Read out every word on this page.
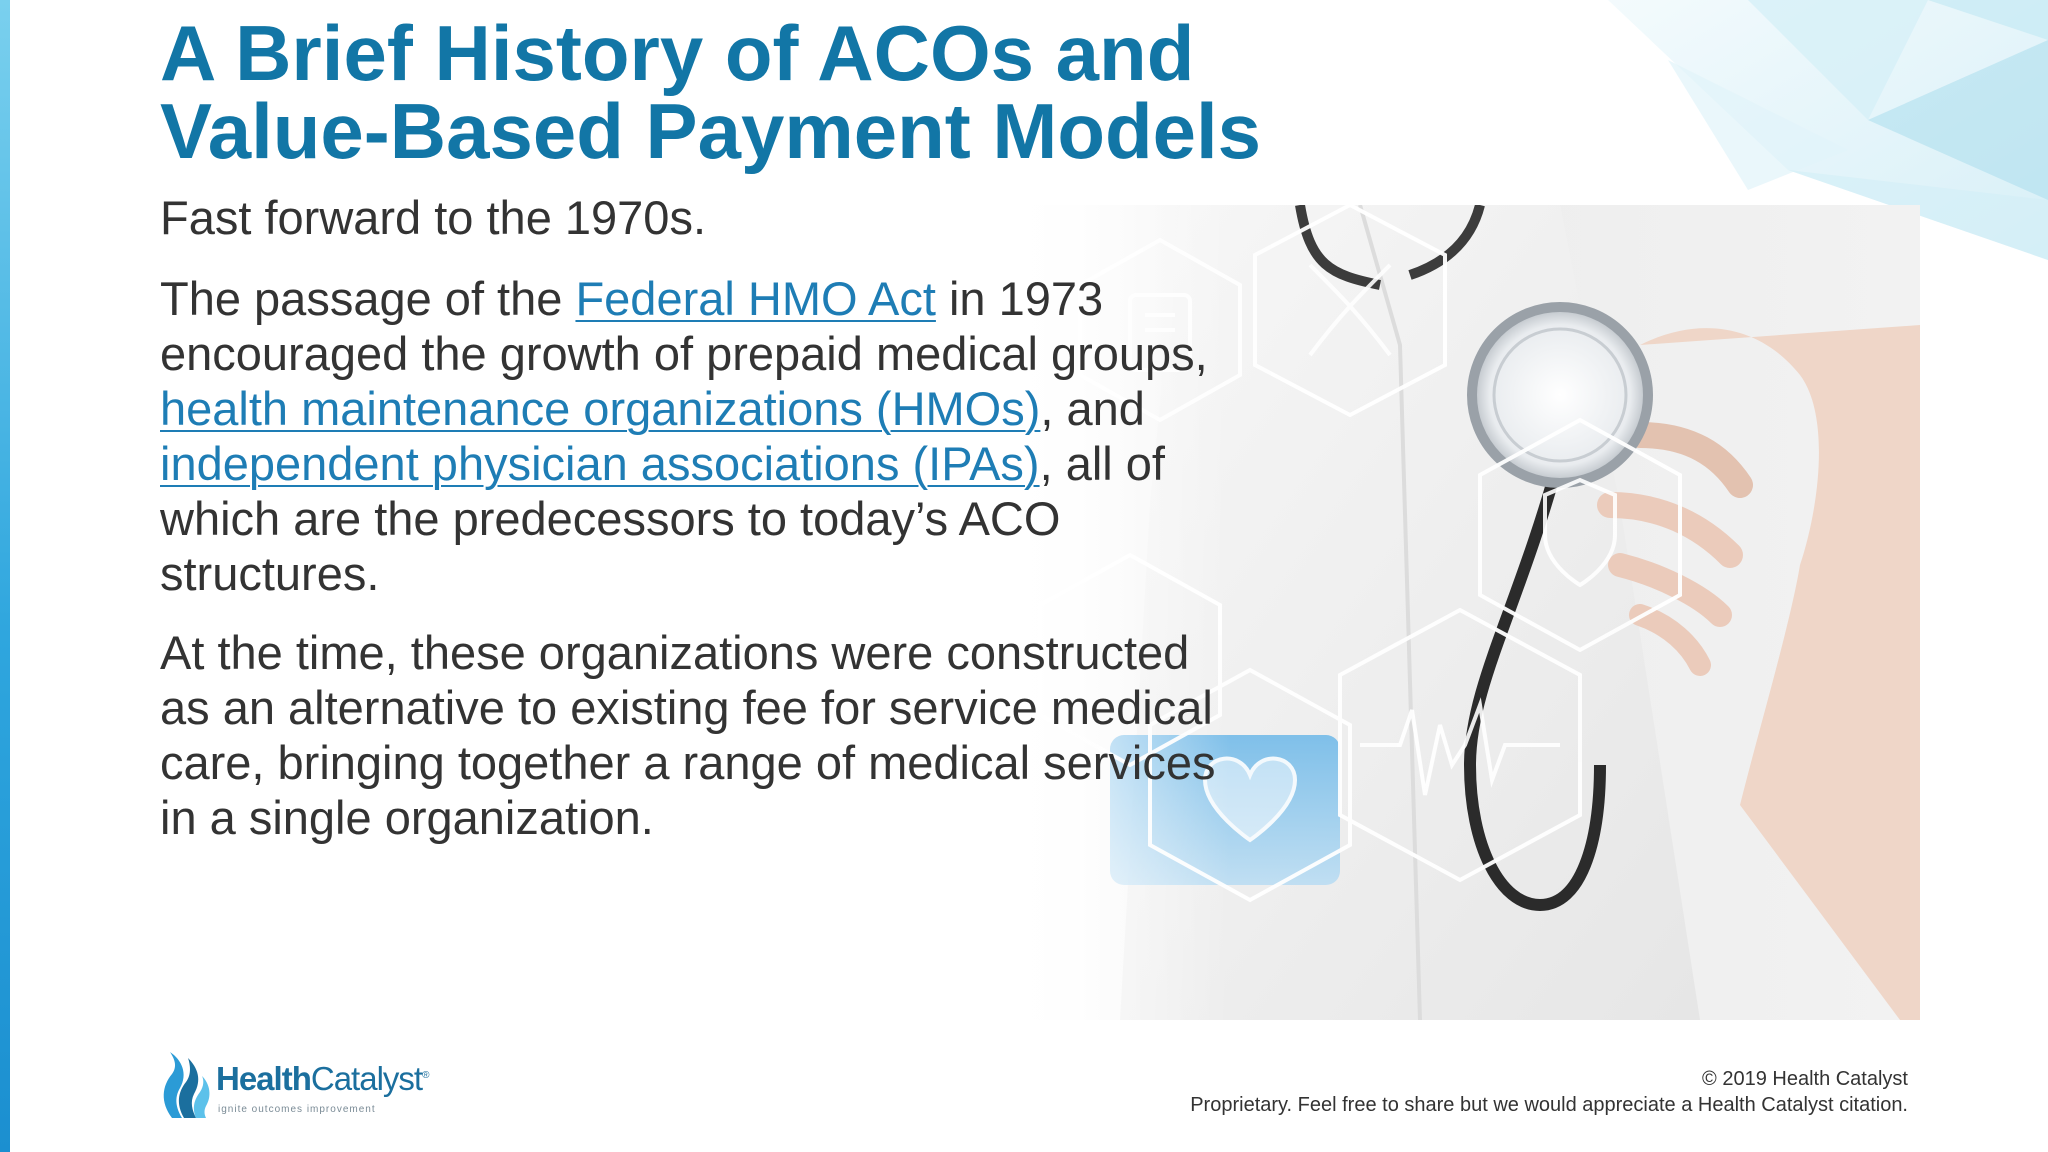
A Brief History of ACOs and
Value-Based Payment Models

Fast forward to the 1970s.

The passage of the Federal HMO Act in 1973 encouraged the growth of prepaid medical groups, health maintenance organizations (HMOs), and independent physician associations (IPAs), all of which are the predecessors to today’s ACO structures.

At the time, these organizations were constructed as an alternative to existing fee for service medical care, bringing together a range of medical services in a single organization.

HealthCatalyst®
ignite outcomes improvement
© 2019 Health Catalyst
Proprietary. Feel free to share but we would appreciate a Health Catalyst citation.
